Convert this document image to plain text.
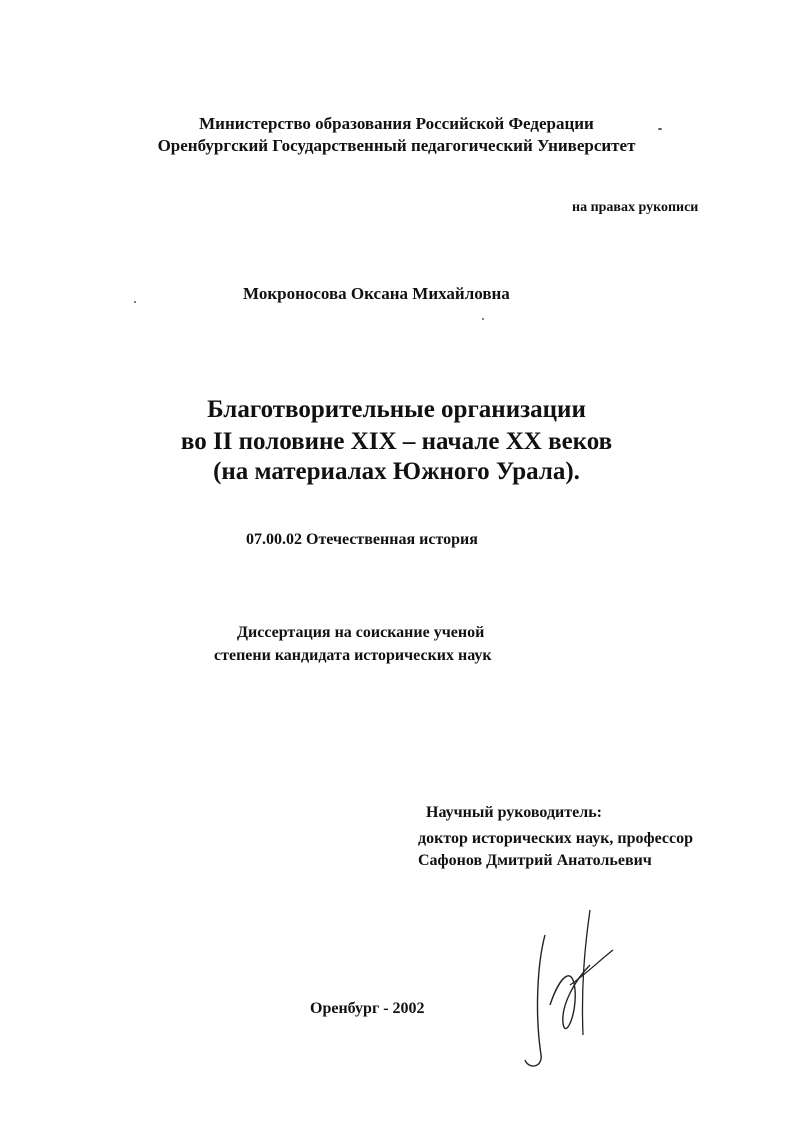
Министерство образования Российской Федерации
Оренбургский Государственный педагогический Университет
на правах рукописи
Мокроносова Оксана Михайловна
Благотворительные организации
во II половине XIX – начале XX веков
(на материалах Южного Урала).
07.00.02 Отечественная история
Диссертация на соискание ученой
степени кандидата исторических наук
Научный руководитель:
доктор исторических наук, профессор
Сафонов Дмитрий Анатольевич
Оренбург - 2002
